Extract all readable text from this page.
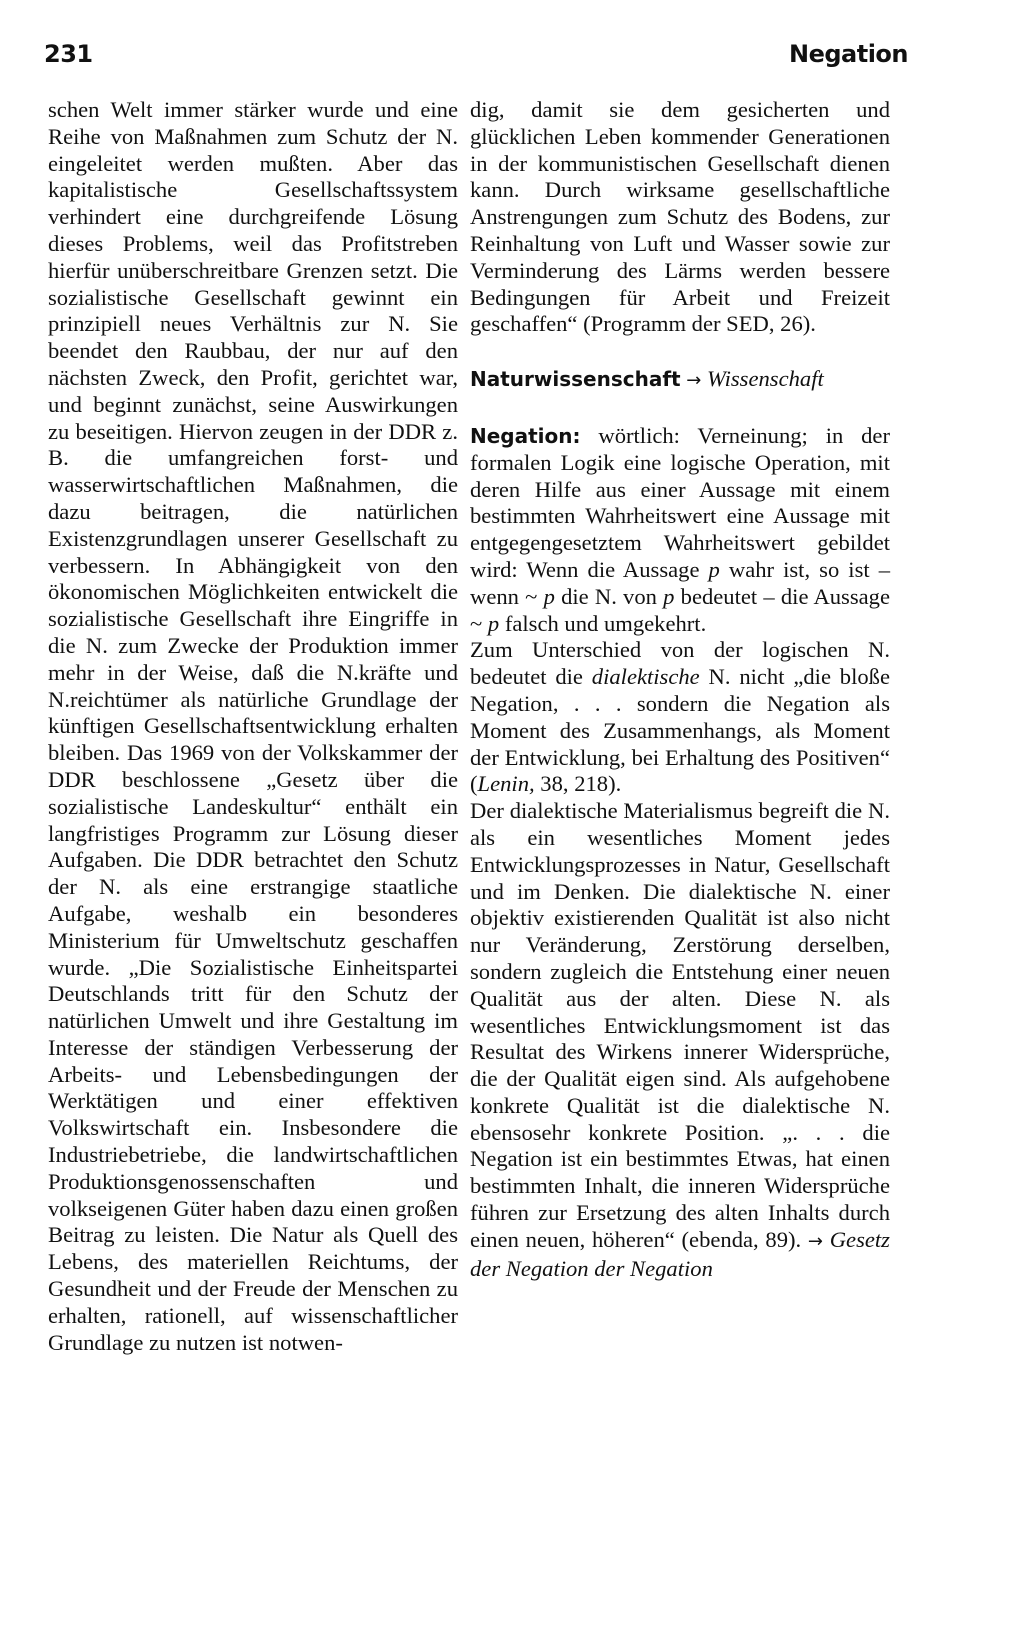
231	Negation

schen Welt immer stärker wurde und eine Reihe von Maßnahmen zum Schutz der N. eingeleitet werden mußten. Aber das kapitalistische Gesellschaftssystem verhindert eine durchgreifende Lösung dieses Problems, weil das Profitstreben hierfür unüberschreitbare Grenzen setzt. Die sozialistische Gesellschaft gewinnt ein prinzipiell neues Verhältnis zur N. Sie beendet den Raubbau, der nur auf den nächsten Zweck, den Profit, gerichtet war, und beginnt zunächst, seine Auswirkungen zu beseitigen. Hiervon zeugen in der DDR z. B. die umfangreichen forst- und wasserwirtschaftlichen Maßnahmen, die dazu beitragen, die natürlichen Existenzgrundlagen unserer Gesellschaft zu verbessern. In Abhängigkeit von den ökonomischen Möglichkeiten entwickelt die sozialistische Gesellschaft ihre Eingriffe in die N. zum Zwecke der Produktion immer mehr in der Weise, daß die N.kräfte und N.reichtümer als natürliche Grundlage der künftigen Gesellschaftsentwicklung erhalten bleiben. Das 1969 von der Volkskammer der DDR beschlossene „Gesetz über die sozialistische Landeskultur“ enthält ein langfristiges Programm zur Lösung dieser Aufgaben. Die DDR betrachtet den Schutz der N. als eine erstrangige staatliche Aufgabe, weshalb ein besonderes Ministerium für Umweltschutz geschaffen wurde. „Die Sozialistische Einheitspartei Deutschlands tritt für den Schutz der natürlichen Umwelt und ihre Gestaltung im Interesse der ständigen Verbesserung der Arbeits- und Lebensbedingungen der Werktätigen und einer effektiven Volkswirtschaft ein. Insbesondere die Industriebetriebe, die landwirtschaftlichen Produktionsgenossenschaften und volkseigenen Güter haben dazu einen großen Beitrag zu leisten. Die Natur als Quell des Lebens, des materiellen Reichtums, der Gesundheit und der Freude der Menschen zu erhalten, rationell, auf wissenschaftlicher Grundlage zu nutzen ist notwen-

dig, damit sie dem gesicherten und glücklichen Leben kommender Generationen in der kommunistischen Gesellschaft dienen kann. Durch wirksame gesellschaftliche Anstrengungen zum Schutz des Bodens, zur Reinhaltung von Luft und Wasser sowie zur Verminderung des Lärms werden bessere Bedingungen für Arbeit und Freizeit geschaffen“ (Programm der SED, 26).

Naturwissenschaft → Wissenschaft

Negation: wörtlich: Verneinung; in der formalen Logik eine logische Operation, mit deren Hilfe aus einer Aussage mit einem bestimmten Wahrheitswert eine Aussage mit entgegengesetztem Wahrheitswert gebildet wird: Wenn die Aussage p wahr ist, so ist – wenn ~ p die N. von p bedeutet – die Aussage ~ p falsch und umgekehrt.

Zum Unterschied von der logischen N. bedeutet die dialektische N. nicht „die bloße Negation, . . . sondern die Negation als Moment des Zusammenhangs, als Moment der Entwicklung, bei Erhaltung des Positiven“ (Lenin, 38, 218).

Der dialektische Materialismus begreift die N. als ein wesentliches Moment jedes Entwicklungsprozesses in Natur, Gesellschaft und im Denken. Die dialektische N. einer objektiv existierenden Qualität ist also nicht nur Veränderung, Zerstörung derselben, sondern zugleich die Entstehung einer neuen Qualität aus der alten. Diese N. als wesentliches Entwicklungsmoment ist das Resultat des Wirkens innerer Widersprüche, die der Qualität eigen sind. Als aufgehobene konkrete Qualität ist die dialektische N. ebensosehr konkrete Position. „. . . die Negation ist ein bestimmtes Etwas, hat einen bestimmten Inhalt, die inneren Widersprüche führen zur Ersetzung des alten Inhalts durch einen neuen, höheren“ (ebenda, 89). → Gesetz der Negation der Negation
